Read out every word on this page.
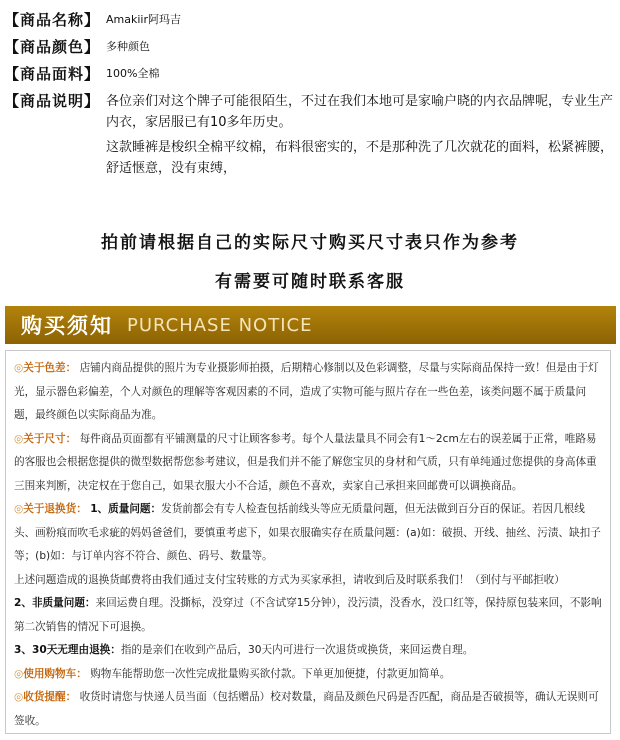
【商品名称】 Amakiir阿玛吉
【商品颜色】 多种颜色
【商品面料】 100%全棉
【商品说明】 各位亲们对这个牌子可能很陌生，不过在我们本地可是家喻户晓的内衣品牌呢，专业生产内衣，家居服已有10多年历史。

这款睡裤是梭织全棉平纹棉，布料很密实的，不是那种洗了几次就花的面料，松紧裤腰，舒适惬意，没有束缚，

拍前请根据自己的实际尺寸购买尺寸表只作为参考
有需要可随时联系客服
购买须知 PURCHASE NOTICE

◎关于色差： 店铺内商品提供的照片为专业摄影师拍摄，后期精心修制以及色彩调整，尽量与实际商品保持一致！但是由于灯光，显示器色彩偏差，个人对颜色的理解等客观因素的不同，造成了实物可能与照片存在一些色差，该类问题不属于质量问题，最终颜色以实际商品为准。

◎关于尺寸： 每件商品页面都有平铺测量的尺寸让顾客参考。每个人量法量具不同会有1～2cm左右的误差属于正常，唯路易的客服也会根据您提供的微型数据帮您参考建议，但是我们并不能了解您宝贝的身材和气质，只有单纯通过您提供的身高体重三围来判断，决定权在于您自己，如果衣服大小不合适，颜色不喜欢，卖家自己承担来回邮费可以调换商品。

◎关于退换货： 1、质量问题：发货前都会有专人检查包括前线头等应无质量问题，但无法做到百分百的保证。若因几根线头、画粉痕而吹毛求疵的妈妈爸爸们，要慎重考虑下，如果衣服确实存在质量问题：(a)如：破损、开线、抽丝、污渍、缺扣子等；(b)如：与订单内容不符合、颜色、码号、数量等。

上述问题造成的退换货邮费将由我们通过支付宝转账的方式为买家承担，请收到后及时联系我们！（到付与平邮拒收）

2、非质量问题：来回运费自理。没撕标，没穿过（不含试穿15分钟），没污渍，没香水，没口红等，保持原包装来回，不影响第二次销售的情况下可退换。

3、30天无理由退换：指的是亲们在收到产品后，30天内可进行一次退货或换货，来回运费自理。

◎使用购物车： 购物车能帮助您一次性完成批量购买欲付款。下单更加便捷，付款更加简单。

◎收货提醒： 收货时请您与快递人员当面（包括赠品）校对数量，商品及颜色尺码是否匹配，商品是否破损等，确认无误则可签收。
